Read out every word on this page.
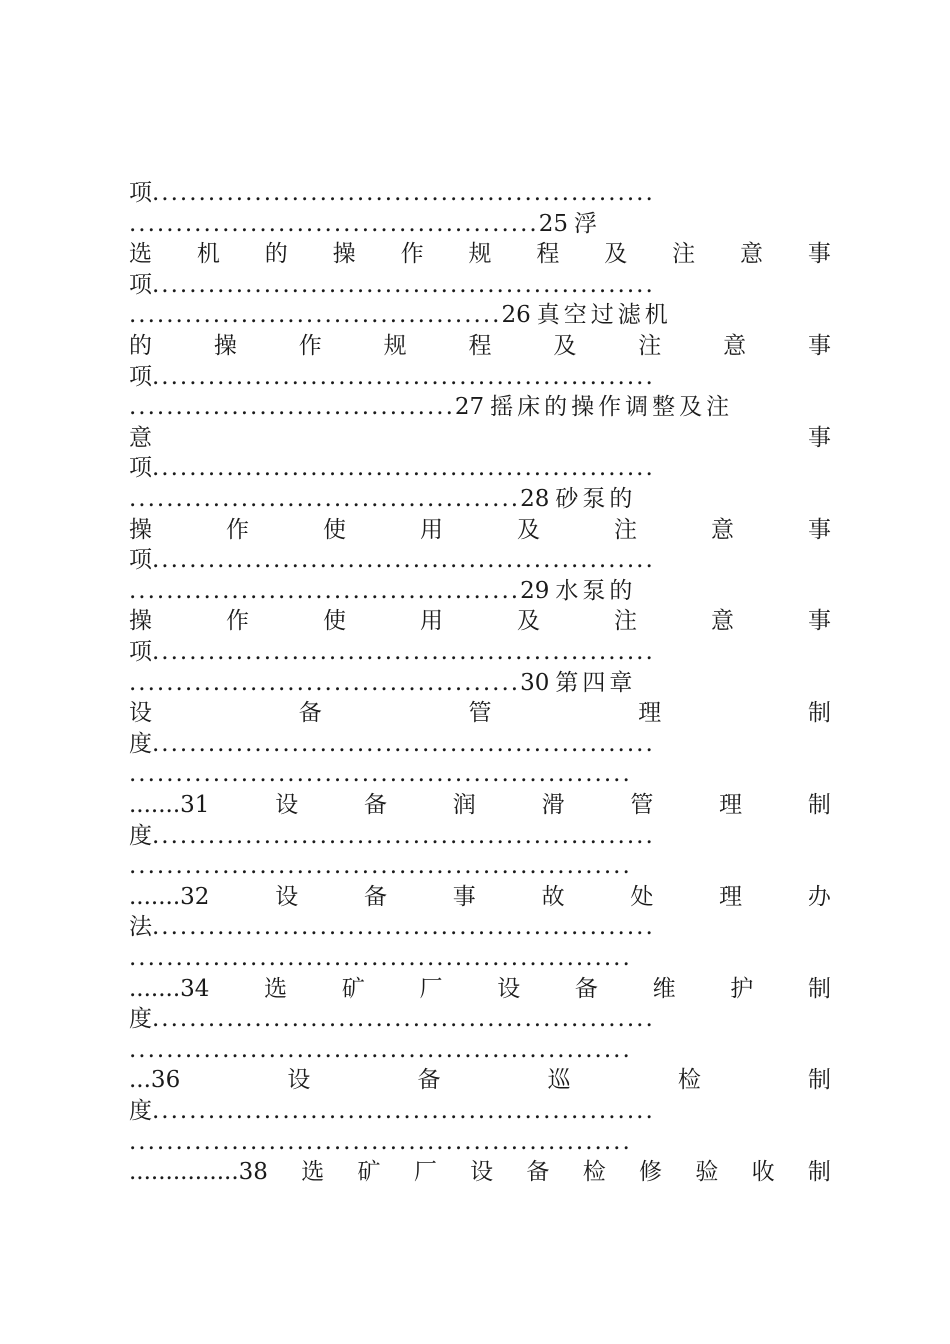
项......................................................
............................................25 浮
选 机 的 操 作 规 程 及 注 意 事
项......................................................
........................................26 真空过滤机
的	操	作	规	程	及	注	意	事
项......................................................
...................................27 摇床的操作调整及注
意	事
项......................................................
..........................................28 砂泵的
操	作	使	用	及	注	意	事
项......................................................
..........................................29 水泵的
操	作	使	用	及	注	意	事
项......................................................
..........................................30 第四章
设	备	管	理	制
度......................................................
......................................................
.......31	设	备	润	滑	管	理	制
度......................................................
......................................................
.......32	设	备	事	故	处	理	办
法......................................................
......................................................
.......34 选 矿 厂 设 备 维 护 制
度......................................................
......................................................
...36	设	备	巡	检	制
度......................................................
......................................................
...............38 选 矿 厂 设 备 检 修 验 收 制
